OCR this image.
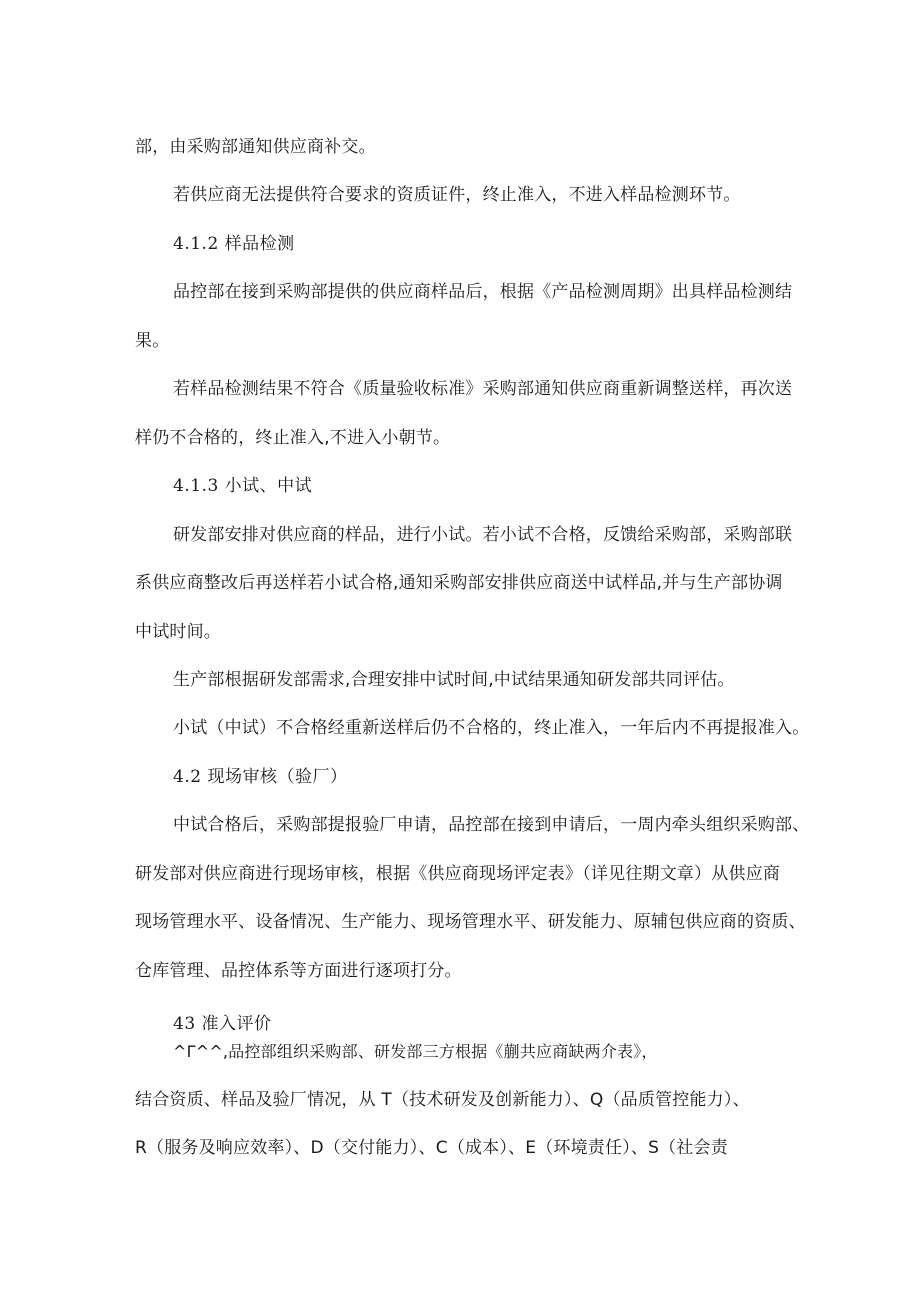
部，由采购部通知供应商补交。
若供应商无法提供符合要求的资质证件，终止准入，不进入样品检测环节。
4.1.2 样品检测
品控部在接到采购部提供的供应商样品后，根据《产品检测周期》出具样品检测结
果。
若样品检测结果不符合《质量验收标准》采购部通知供应商重新调整送样，再次送
样仍不合格的，终止准入,不进入小朝节。
4.1.3 小试、中试
研发部安排对供应商的样品，进行小试。若小试不合格，反馈给采购部，采购部联
系供应商整改后再送样若小试合格,通知采购部安排供应商送中试样品,并与生产部协调
中试时间。
生产部根据研发部需求,合理安排中试时间,中试结果通知研发部共同评估。
小试（中试）不合格经重新送样后仍不合格的，终止准入，一年后内不再提报准入。
4.2 现场审核（验厂）
中试合格后，采购部提报验厂申请，品控部在接到申请后，一周内牵头组织采购部、
研发部对供应商进行现场审核，根据《供应商现场评定表》（详见往期文章）从供应商
现场管理水平、设备情况、生产能力、现场管理水平、研发能力、原辅包供应商的资质、
仓库管理、品控体系等方面进行逐项打分。
43 准入评价
^Γ^^,品控部组织采购部、研发部三方根据《蒯共应商缺两介表》，
结合资质、样品及验厂情况，从 T（技术研发及创新能力）、Q（品质管控能力）、
R（服务及响应效率）、D（交付能力）、C（成本）、E（环境责任）、S（社会责
